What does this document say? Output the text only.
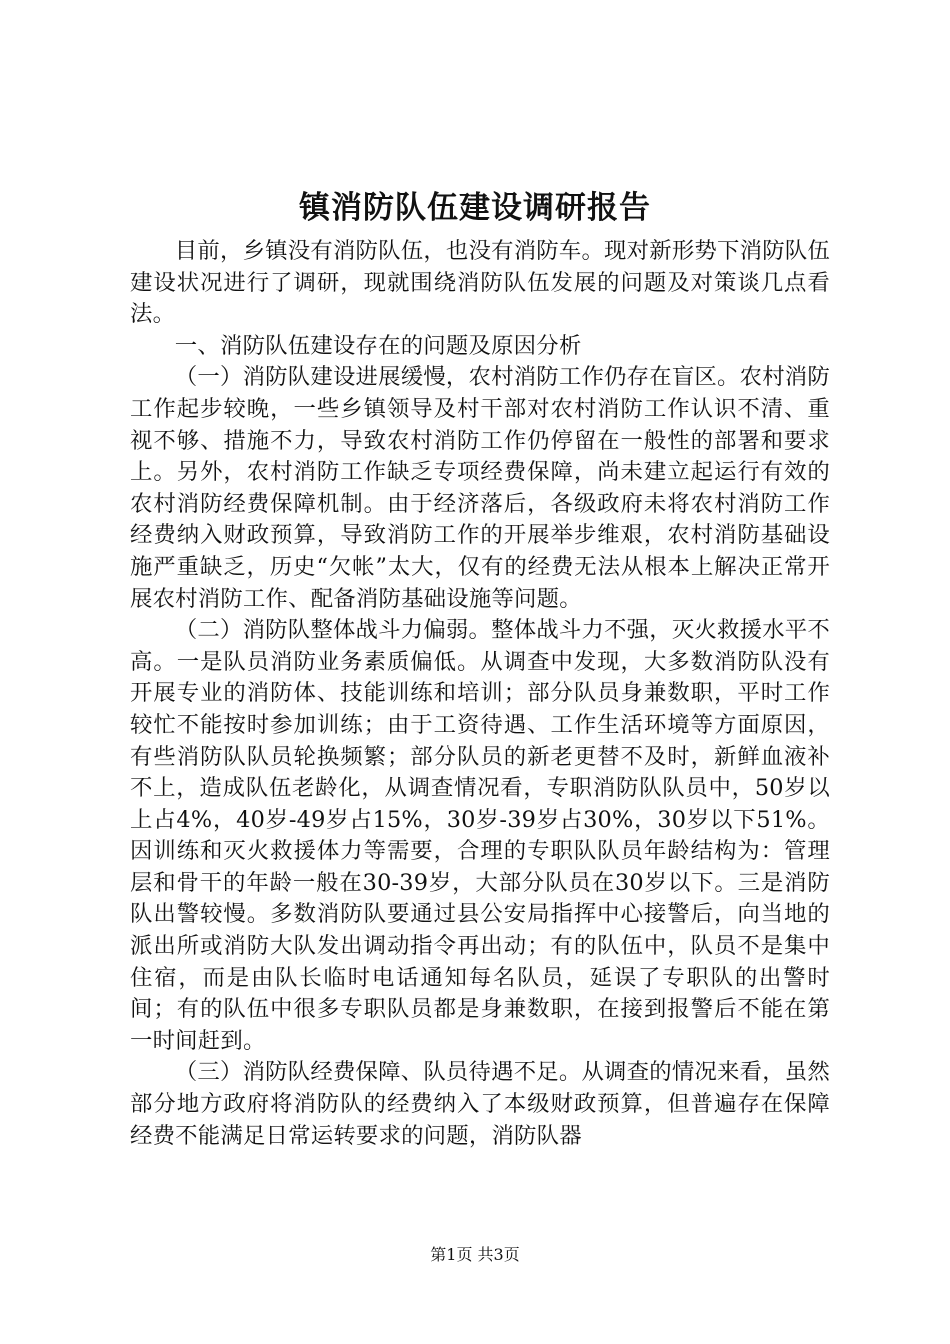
镇消防队伍建设调研报告

目前，乡镇没有消防队伍，也没有消防车。现对新形势下消防队伍建设状况进行了调研，现就围绕消防队伍发展的问题及对策谈几点看法。

一、消防队伍建设存在的问题及原因分析

（一）消防队建设进展缓慢，农村消防工作仍存在盲区。农村消防工作起步较晚，一些乡镇领导及村干部对农村消防工作认识不清、重视不够、措施不力，导致农村消防工作仍停留在一般性的部署和要求上。另外，农村消防工作缺乏专项经费保障，尚未建立起运行有效的农村消防经费保障机制。由于经济落后，各级政府未将农村消防工作经费纳入财政预算，导致消防工作的开展举步维艰，农村消防基础设施严重缺乏，历史“欠帐”太大，仅有的经费无法从根本上解决正常开展农村消防工作、配备消防基础设施等问题。

（二）消防队整体战斗力偏弱。整体战斗力不强，灭火救援水平不高。一是队员消防业务素质偏低。从调查中发现，大多数消防队没有开展专业的消防体、技能训练和培训；部分队员身兼数职，平时工作较忙不能按时参加训练；由于工资待遇、工作生活环境等方面原因，有些消防队队员轮换频繁；部分队员的新老更替不及时，新鲜血液补不上，造成队伍老龄化，从调查情况看，专职消防队队员中，50岁以上占4%，40岁-49岁占15%，30岁-39岁占30%，30岁以下51%。因训练和灭火救援体力等需要，合理的专职队队员年龄结构为：管理层和骨干的年龄一般在30-39岁，大部分队员在30岁以下。三是消防队出警较慢。多数消防队要通过县公安局指挥中心接警后，向当地的派出所或消防大队发出调动指令再出动；有的队伍中，队员不是集中住宿，而是由队长临时电话通知每名队员，延误了专职队的出警时间；有的队伍中很多专职队员都是身兼数职，在接到报警后不能在第一时间赶到。

（三）消防队经费保障、队员待遇不足。从调查的情况来看，虽然部分地方政府将消防队的经费纳入了本级财政预算，但普遍存在保障经费不能满足日常运转要求的问题，消防队器

第1页 共3页
